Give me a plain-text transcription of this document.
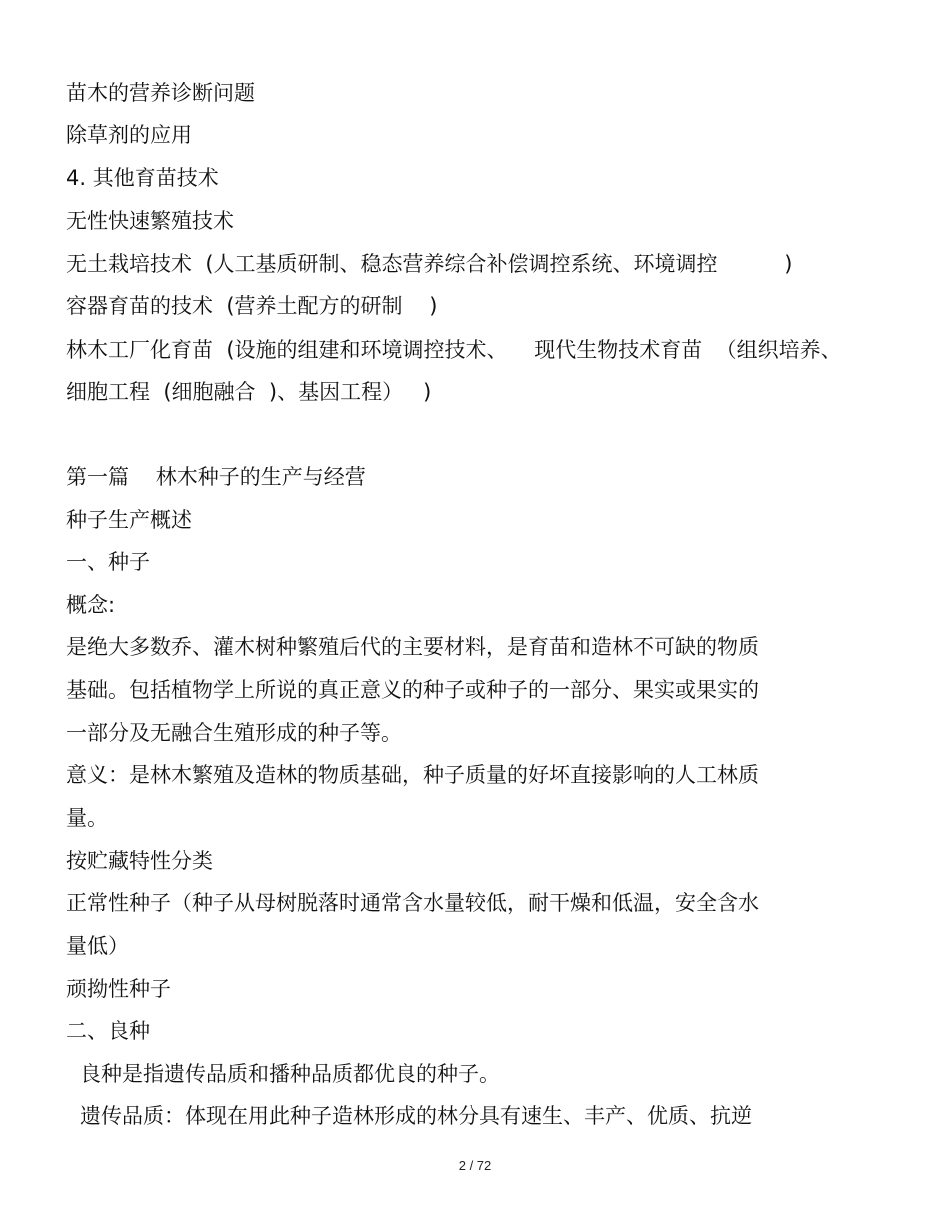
苗木的营养诊断问题
除草剂的应用
4. 其他育苗技术
无性快速繁殖技术
无土栽培技术  (人工基质研制、稳态营养综合补偿调控系统、环境调控          )
容器育苗的技术  (营养土配方的研制    )
林木工厂化育苗  (设施的组建和环境调控技术、    现代生物技术育苗  （组织培养、
细胞工程  (细胞融合  )、基因工程）   )
第一篇    林木种子的生产与经营
种子生产概述
一、种子
概念:
是绝大多数乔、灌木树种繁殖后代的主要材料，是育苗和造林不可缺的物质
基础。包括植物学上所说的真正意义的种子或种子的一部分、果实或果实的
一部分及无融合生殖形成的种子等。
意义：是林木繁殖及造林的物质基础，种子质量的好坏直接影响的人工林质
量。
按贮藏特性分类
正常性种子（种子从母树脱落时通常含水量较低，耐干燥和低温，安全含水
量低）
顽拗性种子
二、良种
良种是指遗传品质和播种品质都优良的种子。
遗传品质：体现在用此种子造林形成的林分具有速生、丰产、优质、抗逆
2 / 72
